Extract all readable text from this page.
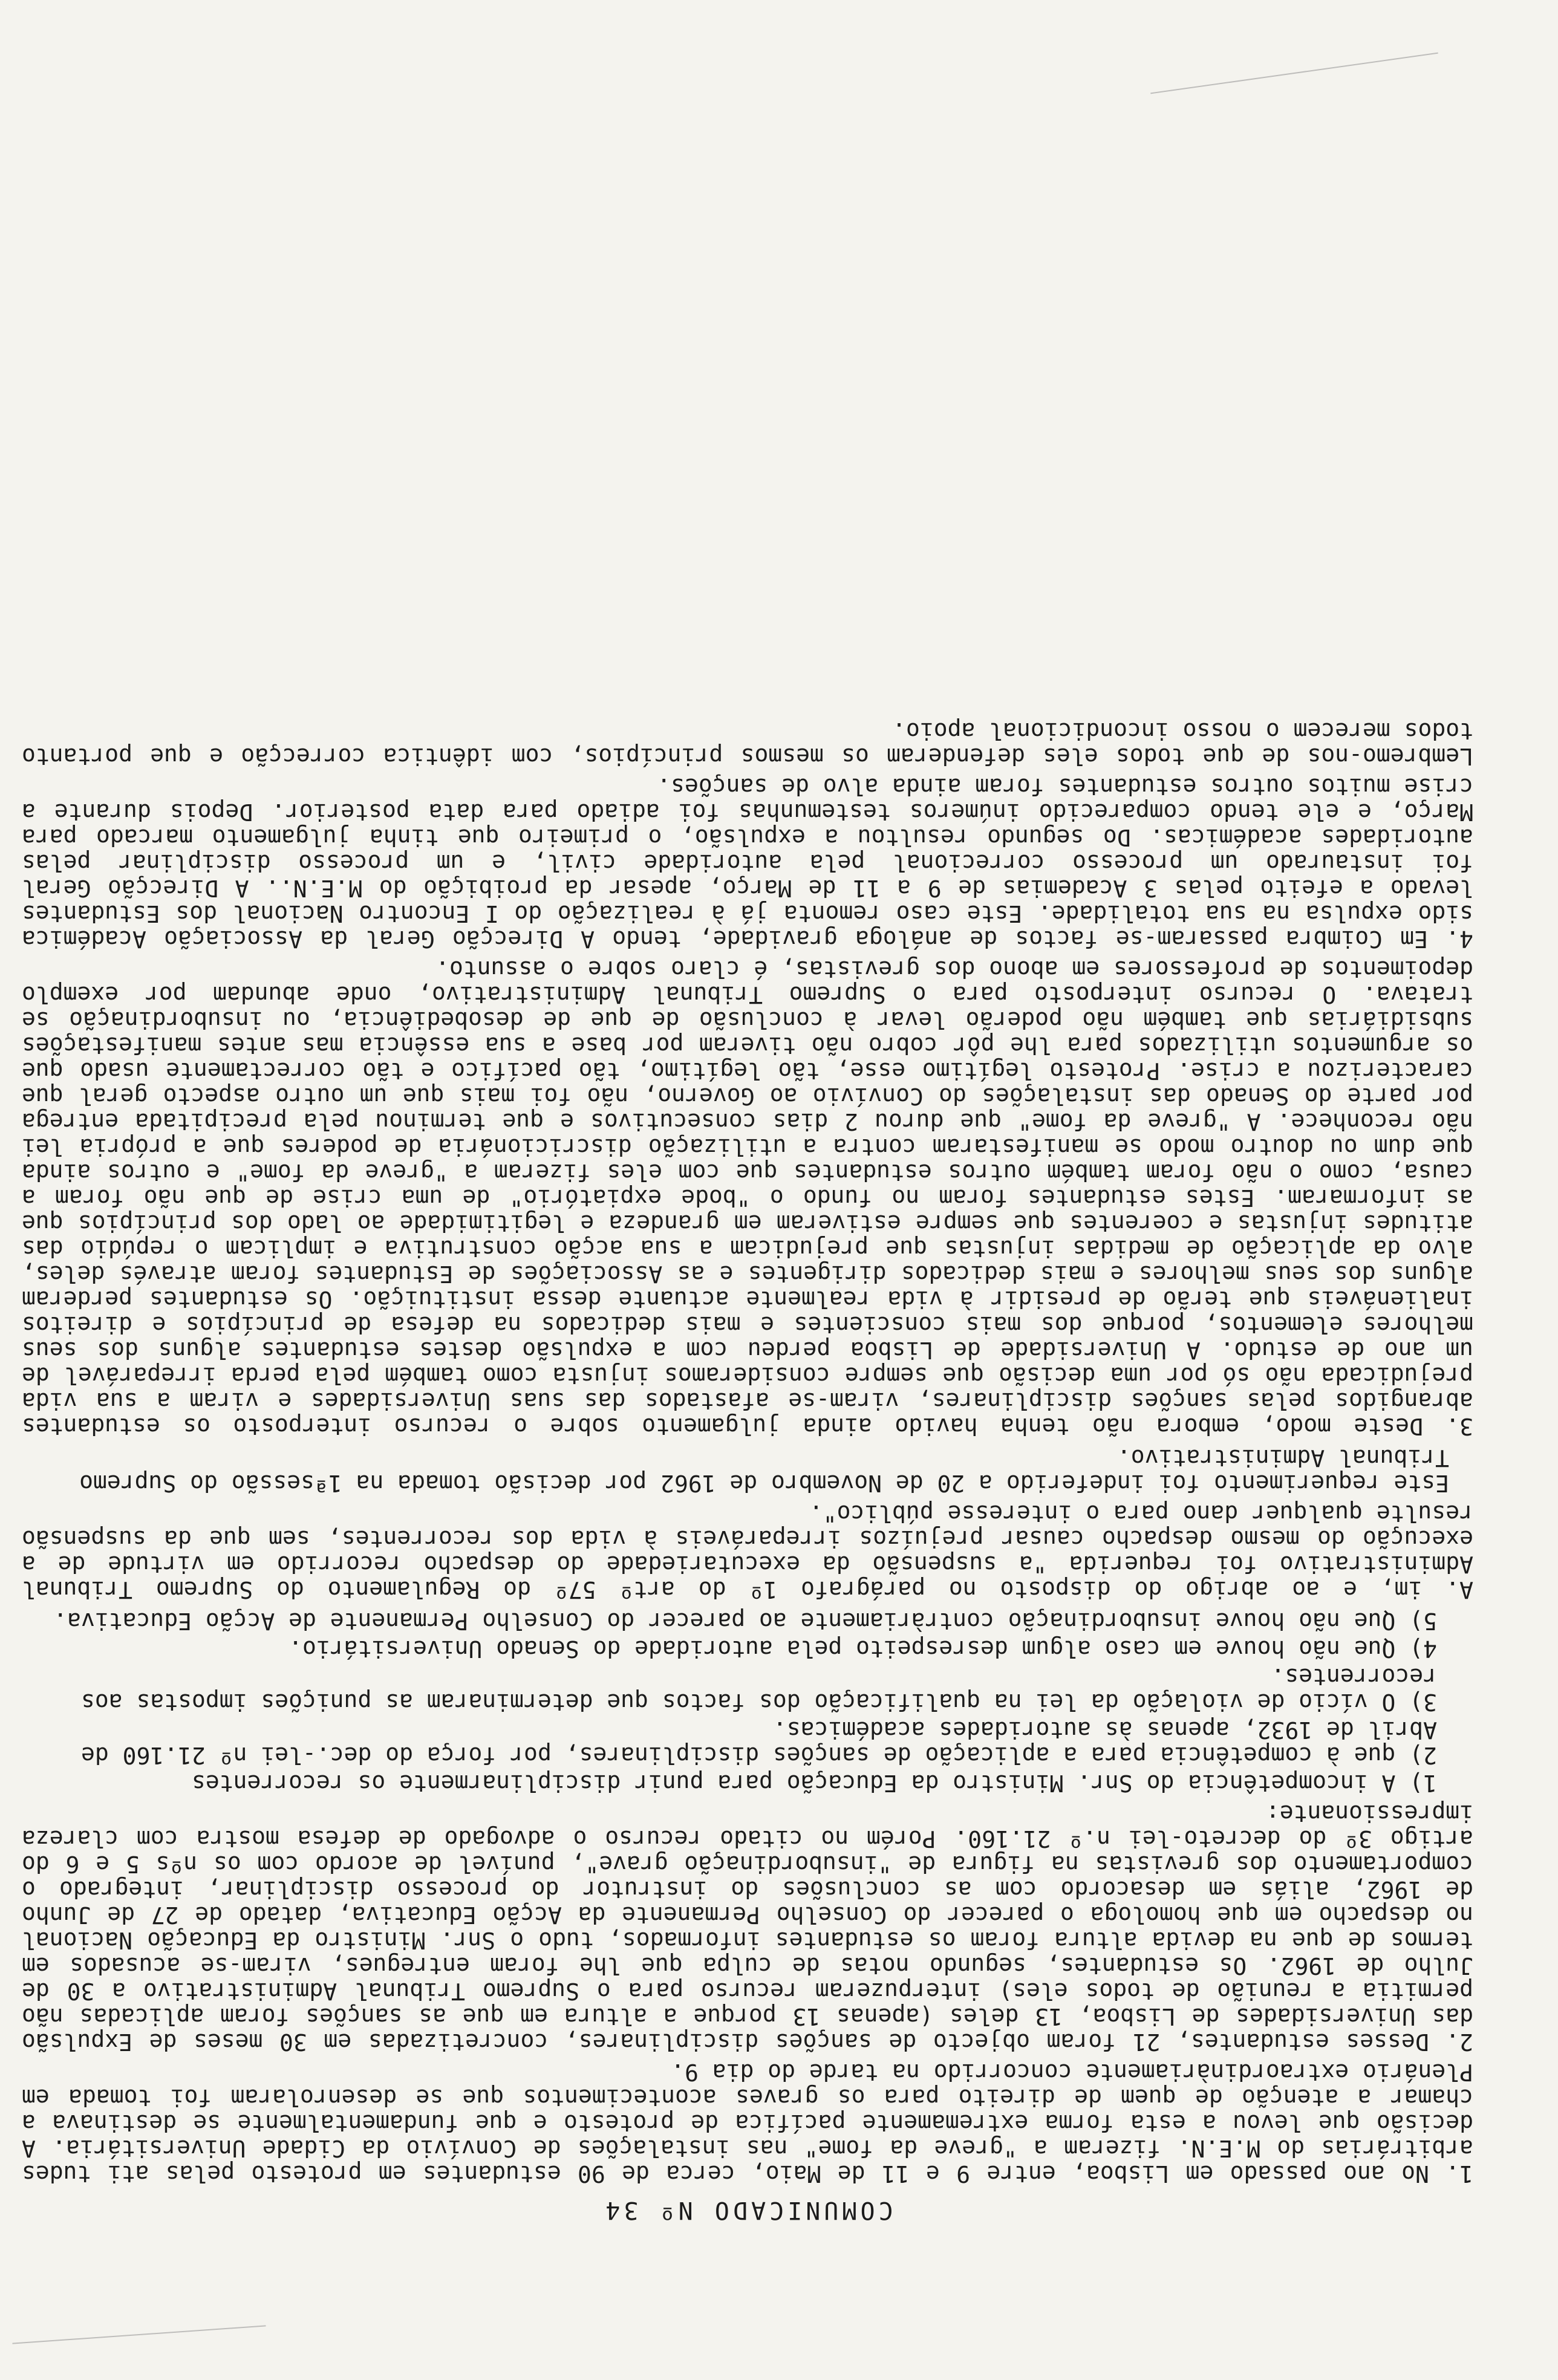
COMUNICADO Nº 34
1. No ano passado em Lisboa, entre 9 e 11 de Maio, cerca de 90 estudantes em protesto pelas ati tudes arbitrárias do M.E.N. fizeram a "greve da fome" nas instalações de Convívio da Cidade Universitária. A decisão que levou a esta forma extremamente pacífica de protesto e que fundamentalmente se destinava a chamar a atenção de quem de direito para os graves acontecimentos que se desenrolaram foi tomada em Plenário extraordinàriamente concorrido na tarde do dia 9.
2. Desses estudantes, 21 foram objecto de sanções disciplinares, concretizadas em 30 meses de Expulsão das Universidades de Lisboa, 13 deles (apenas 13 porque a altura em que as sanções foram aplicadas não permitia a reunião de todos eles) interpuzeram recurso para o Supremo Tribunal Administrativo a 30 de Julho de 1962. Os estudantes, segundo notas de culpa que lhe foram entregues, viram-se acusados em termos de que na devida altura foram os estudantes informados, tudo o Snr. Ministro da Educação Nacional no despacho em que homologa o parecer do Conselho Permanente da Acção Educativa, datado de 27 de Junho de 1962, aliás em desacordo com as conclusões do instrutor do processo disciplinar, integrado o comportamento dos grevistas na figura de "insubordinação grave", punível de acordo com os nºs 5 e 6 do artigo 3º do decreto-lei n.º 21.160. Porém no citado recurso o advogado de defesa mostra com clareza impressionante:
1) A incompetência do Snr. Ministro da Educação para punir disciplinarmente os recorrentes
2) que à competência para a aplicação de sanções disciplinares, por força do dec.-lei nº 21.160 de Abril de 1932, apenas às autoridades académicas.
3) O vício de violação da lei na qualificação dos factos que determinaram as punições impostas aos recorrentes.
4) Que não houve em caso algum desrespeito pela autoridade do Senado Universitário.
5) Que não houve insubordinação contràriamente ao parecer do Conselho Permanente de Acção Educativa.
A. im, e ao abrigo do disposto no parágrafo 1º do artº 57º do Regulamento do Supremo Tribunal Administrativo foi requerida "a suspensão da executariedade do despacho recorrido em virtude de a execução do mesmo despacho causar prejuízos irreparáveis à vida dos recorrentes, sem que da suspensão resulte qualquer dano para o interesse público".
Este requerimento foi indeferido a 20 de Novembro de 1962 por decisão tomada na 1ªsessão do Supremo Tribunal Administrativo.
3. Deste modo, embora não tenha havido ainda julgamento sobre o recurso interposto os estudantes abrangidos pelas sanções disciplinares, viram-se afastados das suas Universidades e viram a sua vida prejudicada não só por uma decisão que sempre consideramos injusta como também pela perda irreparável de um ano de estudo. A Universidade de Lisboa perdeu com a expulsão destes estudantes alguns dos seus melhores elementos, porque dos mais conscientes e mais dedicados na defesa de princípios e direitos inalienáveis que terão de presidir à vida realmente actuante dessa instituição. Os estudantes perderam alguns dos seus melhores e mais dedicados dirigentes e as Associações de Estudantes foram através deles, alvo da aplicação de medidas injustas que prejudicam a sua acção construtiva e implicam o repúdio das atitudes injustas e coerentes que sempre estiveram em grandeza e legitimidade ao lado dos princípios que as informaram. Estes estudantes foram no fundo o "bode expiatório" de uma crise de que não foram a causa, como o não foram também outros estudantes que com eles fizeram a "greve da fome" e outros ainda que dum ou doutro modo se manifestaram contra a utilização discricionária de poderes que a própria lei não reconhece. A "greve da fome" que durou 2 dias consecutivos e que terminou pela precipitada entrega por parte do Senado das instalações do Convívio ao Governo, não foi mais que um outro aspecto geral que caracterizou a crise. Protesto legítimo esse, tão legítimo, tão pacífico e tão correctamente usado que os argumentos utilizados para lhe pôr cobro não tiveram por base a sua essência mas antes manifestações subsidiárias que também não poderão levar à conclusão de que de desobediência, ou insubordinação se tratava. O recurso interposto para o Supremo Tribunal Administrativo, onde abundam por exemplo depoimentos de professores em abono dos grevistas, é claro sobre o assunto.
4. Em Coimbra passaram-se factos de análoga gravidade, tendo A Direcção Geral da Associação Académica sido expulsa na sua totalidade. Este caso remonta já à realização do I Encontro Nacional dos Estudantes levado a efeito pelas 3 Academias de 9 a 11 de Março, apesar da proibição do M.E.N.. A Direcção Geral foi instaurado um processo correcional pela autoridade civil, e um processo disciplinar pelas autoridades académicas. Do segundo resultou a expulsão, o primeiro que tinha julgamento marcado para Março, e ele tendo comparecido inúmeros testemunhas foi adiado para data posterior. Depois durante a crise muitos outros estudantes foram ainda alvo de sanções.
Lembremo-nos de que todos eles defenderam os mesmos princípios, com idêntica correcção e que portanto todos merecem o nosso incondicional apoio.
